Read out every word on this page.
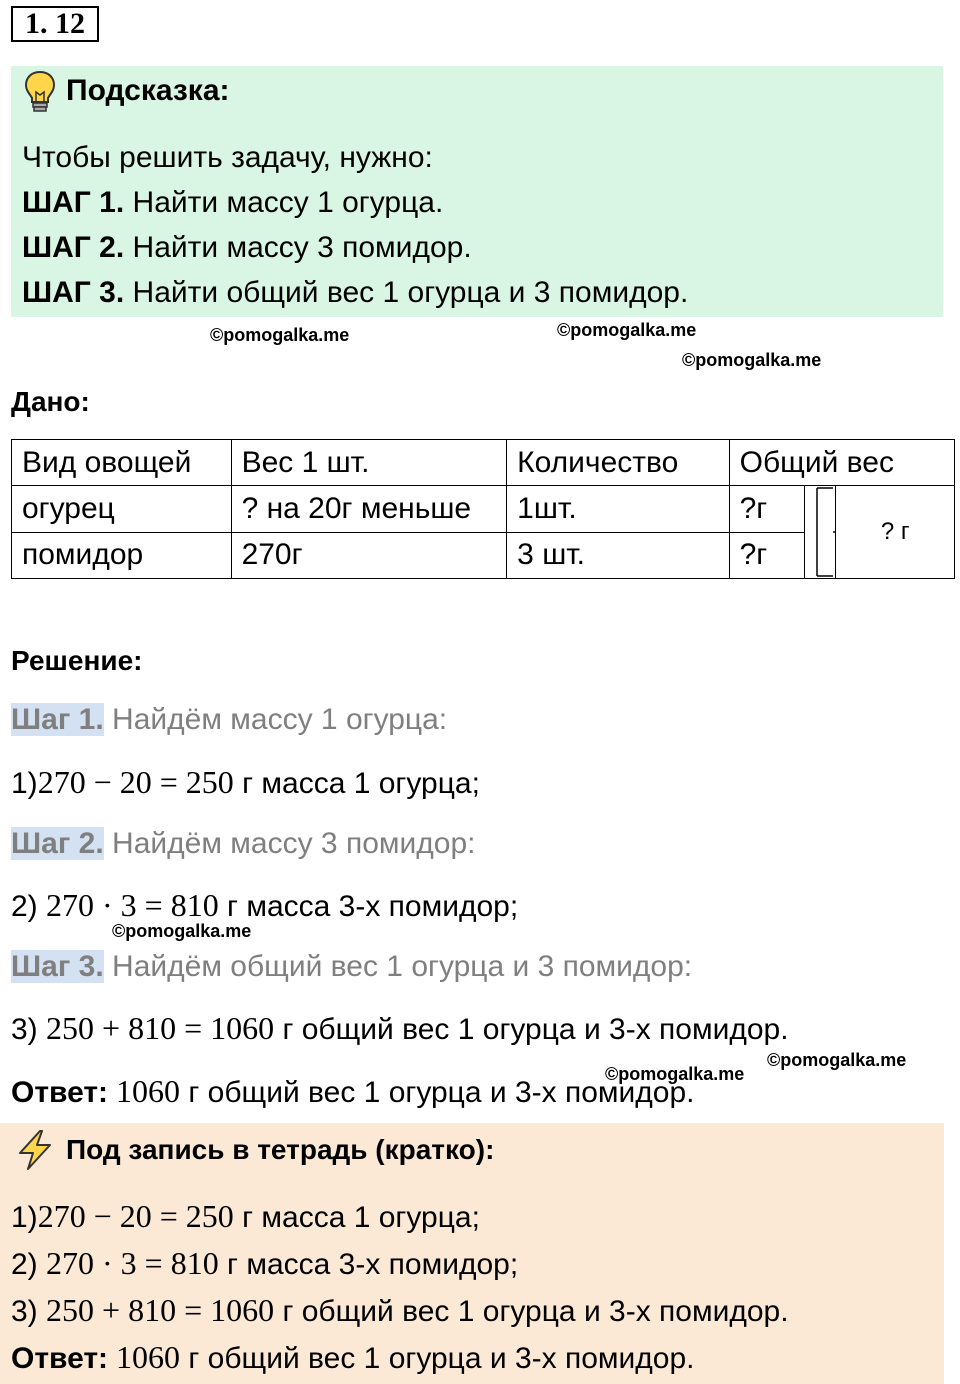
1. 12
Подсказка:
Чтобы решить задачу, нужно:
ШАГ 1. Найти массу 1 огурца.
ШАГ 2. Найти массу 3 помидор.
ШАГ 3. Найти общий вес 1 огурца и 3 помидор.
©pomogalka.me	©pomogalka.me
©pomogalka.me
Дано:
Вид овощей	Вес 1 шт.	Количество	Общий вес		
огурец	? на 20г меньше	1шт.	?г		? г
помидор	270г	3 шт.	?г		
Решение:
Шаг 1. Найдём массу 1 огурца:
1)270 − 20 = 250 г масса 1 огурца;
Шаг 2. Найдём массу 3 помидор:
2) 270 · 3 = 810 г масса 3-х помидор;
©pomogalka.me
Шаг 3. Найдём общий вес 1 огурца и 3 помидор:
3) 250 + 810 = 1060 г общий вес 1 огурца и 3-х помидор.
Ответ: 1060 г общий вес 1 огурца и 3-х помидор.
©pomogalka.me
©pomogalka.me
Под запись в тетрадь (кратко):
1)270 − 20 = 250 г масса 1 огурца;
2) 270 · 3 = 810 г масса 3-х помидор;
3) 250 + 810 = 1060 г общий вес 1 огурца и 3-х помидор.
Ответ: 1060 г общий вес 1 огурца и 3-х помидор.
